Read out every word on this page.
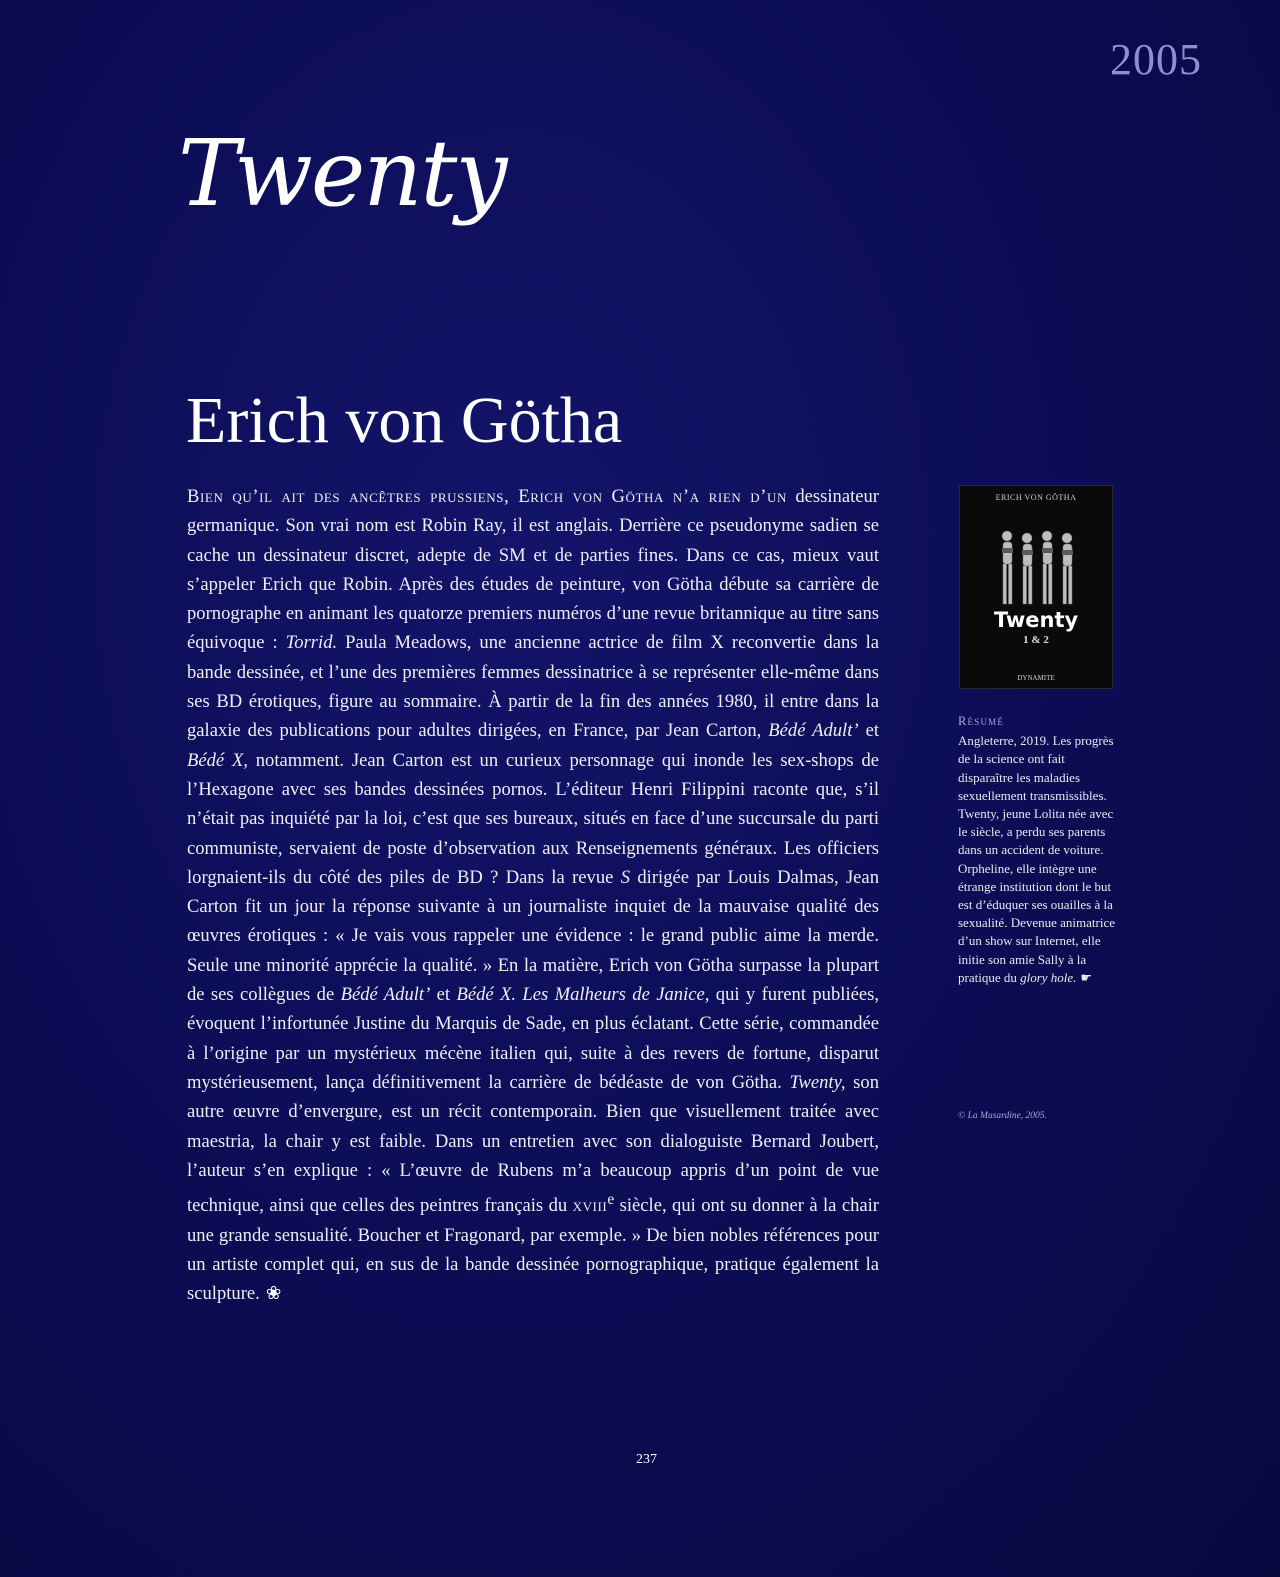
2005
Twenty
Erich von Götha

Bien qu’il ait des ancêtres prussiens, Erich von Götha n’a rien d’un dessinateur germanique. Son vrai nom est Robin Ray, il est anglais. Derrière ce pseudonyme sadien se cache un dessinateur discret, adepte de SM et de parties fines. Dans ce cas, mieux vaut s’appeler Erich que Robin. Après des études de peinture, von Götha débute sa carrière de pornographe en animant les quatorze premiers numéros d’une revue britannique au titre sans équivoque : Torrid. Paula Meadows, une ancienne actrice de film X reconvertie dans la bande dessinée, et l’une des premières femmes dessinatrice à se représenter elle-même dans ses BD érotiques, figure au sommaire. À partir de la fin des années 1980, il entre dans la galaxie des publications pour adultes dirigées, en France, par Jean Carton, Bédé Adult’ et Bédé X, notamment. Jean Carton est un curieux personnage qui inonde les sex-shops de l’Hexagone avec ses bandes dessinées pornos. L’éditeur Henri Filippini raconte que, s’il n’était pas inquiété par la loi, c’est que ses bureaux, situés en face d’une succursale du parti communiste, servaient de poste d’observation aux Renseignements généraux. Les officiers lorgnaient-ils du côté des piles de BD ? Dans la revue S dirigée par Louis Dalmas, Jean Carton fit un jour la réponse suivante à un journaliste inquiet de la mauvaise qualité des œuvres érotiques : « Je vais vous rappeler une évidence : le grand public aime la merde. Seule une minorité apprécie la qualité. » En la matière, Erich von Götha surpasse la plupart de ses collègues de Bédé Adult’ et Bédé X. Les Malheurs de Janice, qui y furent publiées, évoquent l’infortunée Justine du Marquis de Sade, en plus éclatant. Cette série, commandée à l’origine par un mystérieux mécène italien qui, suite à des revers de fortune, disparut mystérieusement, lança définitivement la carrière de bédéaste de von Götha. Twenty, son autre œuvre d’envergure, est un récit contemporain. Bien que visuellement traitée avec maestria, la chair y est faible. Dans un entretien avec son dialoguiste Bernard Joubert, l’auteur s’en explique : « L’œuvre de Rubens m’a beaucoup appris d’un point de vue technique, ainsi que celles des peintres français du xviii$^e$ siècle, qui ont su donner à la chair une grande sensualité. Boucher et Fragonard, par exemple. » De bien nobles références pour un artiste complet qui, en sus de la bande dessinée pornographique, pratique également la sculpture. ❀

ERICH VON GÖTHA
Twenty
1 & 2
DYNAMITE
Résumé

Angleterre, 2019. Les progrès de la science ont fait disparaître les maladies sexuellement transmissibles. Twenty, jeune Lolita née avec le siècle, a perdu ses parents dans un accident de voiture. Orpheline, elle intègre une étrange institution dont le but est d’éduquer ses ouailles à la sexualité. Devenue animatrice d’un show sur Internet, elle initie son amie Sally à la pratique du glory hole. ☛

© La Musardine, 2005.
237
